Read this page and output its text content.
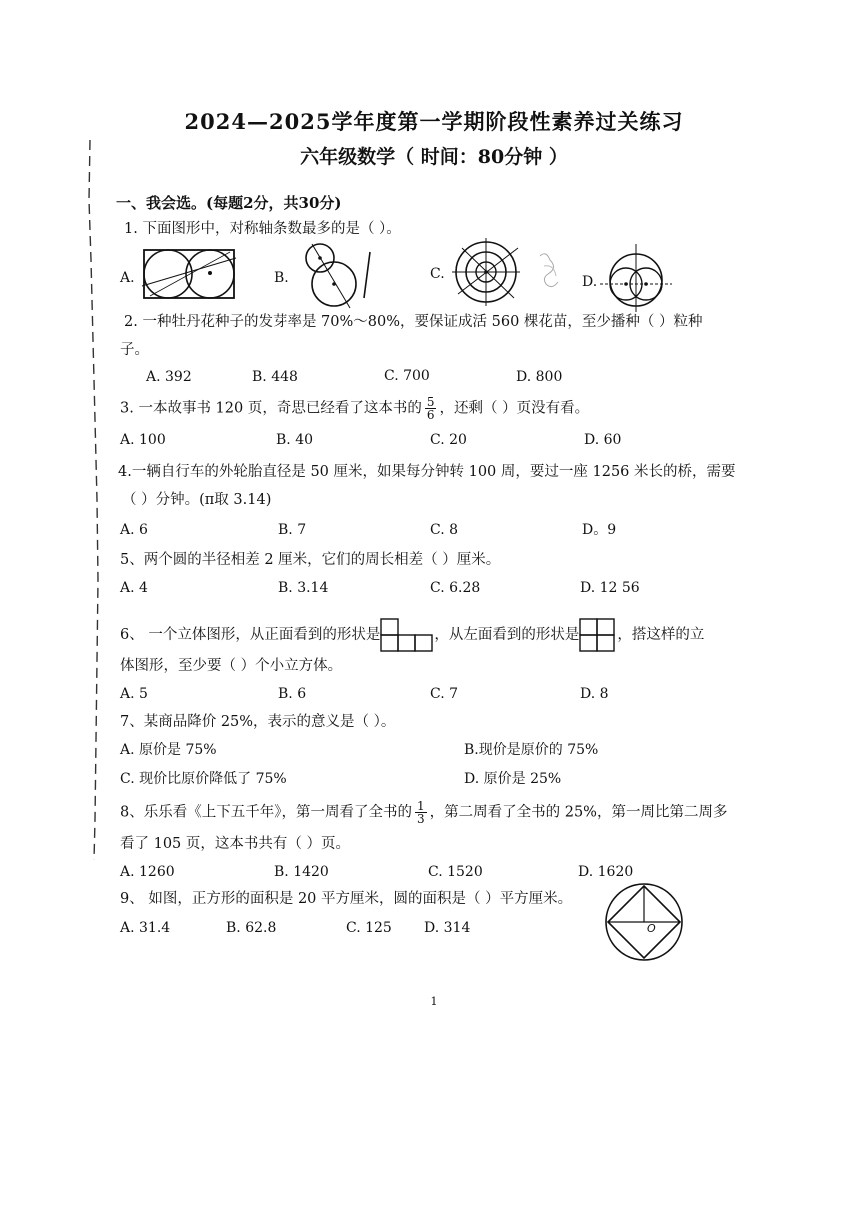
2024—2025学年度第一学期阶段性素养过关练习
六年级数学（ 时间：80分钟 ）
一、我会选。(每题2分，共30分)
1. 下面图形中，对称轴条数最多的是（ ）。
A.	B.	C.	D.
2. 一种牡丹花种子的发芽率是 70%～80%，要保证成活 560 棵花苗，至少播种（ ）粒种
子。
A. 392	B. 448	C. 700	D. 800
3. 一本故事书 120 页，奇思已经看了这本书的 $\frac{5}{6}$ ，还剩（ ）页没有看。
A. 100	B. 40	C. 20	D. 60
4.一辆自行车的外轮胎直径是 50 厘米，如果每分钟转 100 周，要过一座 1256 米长的桥，需要
（ ）分钟。(π取 3.14)
A. 6	B. 7	C. 8	D。9
5、两个圆的半径相差 2 厘米，它们的周长相差（ ）厘米。
A. 4	B. 3.14	C. 6.28	D. 12 56
6、 一个立体图形，从正面看到的形状是	，从左面看到的形状是	，搭这样的立
体图形，至少要（ ）个小立方体。
A. 5	B. 6	C. 7	D. 8
7、某商品降价 25%，表示的意义是（ ）。
A. 原价是 75%	B.现价是原价的 75%
C. 现价比原价降低了 75%	D. 原价是 25%
8、乐乐看《上下五千年》，第一周看了全书的 $\frac{1}{3}$ ，第二周看了全书的 25%，第一周比第二周多
看了 105 页，这本书共有（ ）页。
A. 1260	B. 1420	C. 1520	D. 1620
9、 如图，正方形的面积是 20 平方厘米，圆的面积是（ ）平方厘米。
A. 31.4	B. 62.8	C. 125 D. 314	O
1
